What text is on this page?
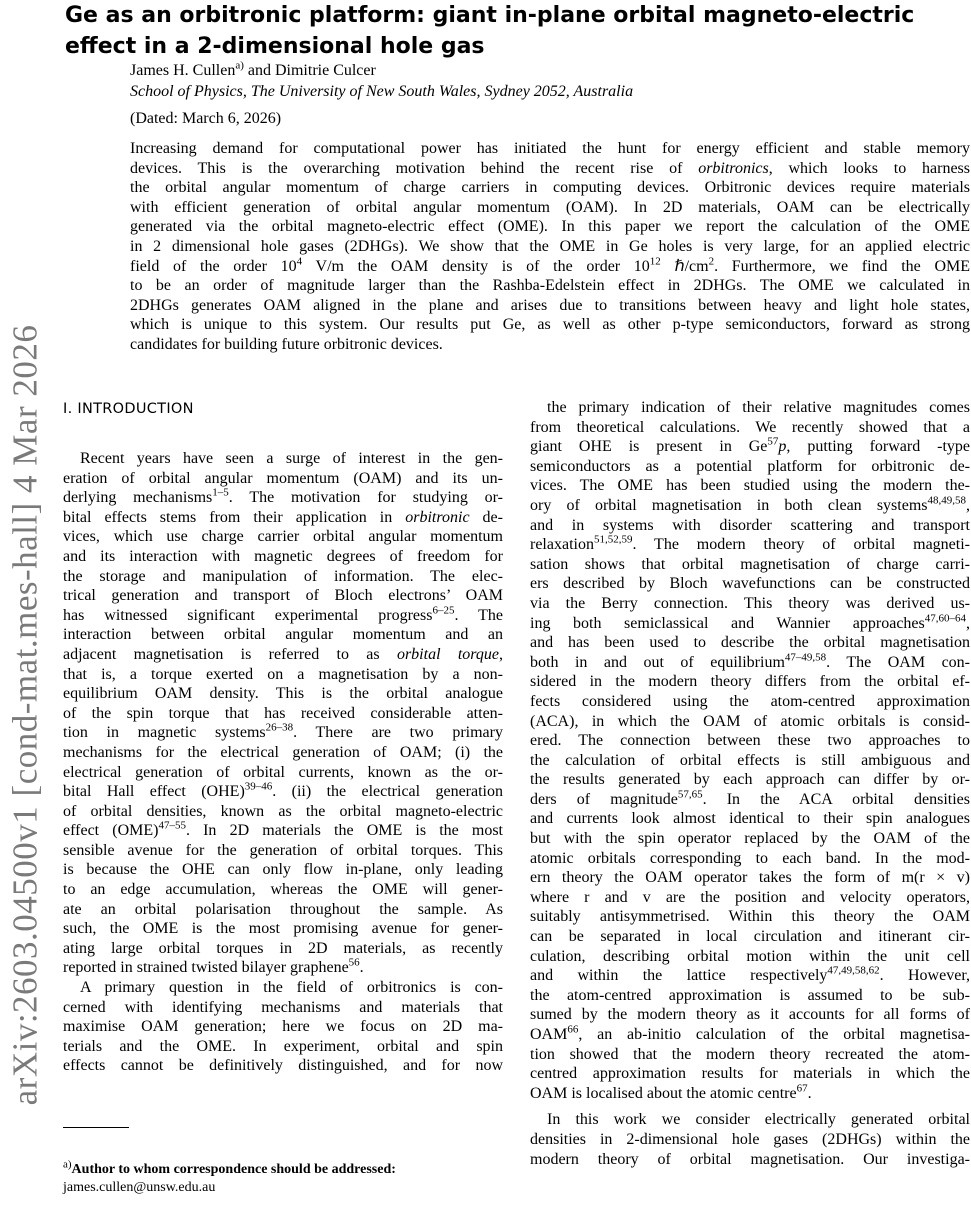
arXiv:2603.04500v1 [cond-mat.mes-hall] 4 Mar 2026
Ge as an orbitronic platform: giant in-plane orbital magneto-electric
effect in a 2-dimensional hole gas
James H. Cullen$^{a)}$ and Dimitrie Culcer
School of Physics, The University of New South Wales, Sydney 2052, Australia
(Dated: March 6, 2026)
Increasing demand for computational power has initiated the hunt for energy efficient and stable memory
devices. This is the overarching motivation behind the recent rise of orbitronics, which looks to harness
the orbital angular momentum of charge carriers in computing devices. Orbitronic devices require materials
with efficient generation of orbital angular momentum (OAM). In 2D materials, OAM can be electrically
generated via the orbital magneto-electric effect (OME). In this paper we report the calculation of the OME
in 2 dimensional hole gases (2DHGs). We show that the OME in Ge holes is very large, for an applied electric
field of the order $10^4$ V/m the OAM density is of the order $10^{12}$ $\hbar/cm^2$. Furthermore, we find the OME
to be an order of magnitude larger than the Rashba-Edelstein effect in 2DHGs. The OME we calculated in
2DHGs generates OAM aligned in the plane and arises due to transitions between heavy and light hole states,
which is unique to this system. Our results put Ge, as well as other p-type semiconductors, forward as strong
candidates for building future orbitronic devices.
I. INTRODUCTION
Recent years have seen a surge of interest in the gen-
eration of orbital angular momentum (OAM) and its un-
derlying mechanisms$^{1-5}$. The motivation for studying or-
bital effects stems from their application in orbitronic de-
vices, which use charge carrier orbital angular momentum
and its interaction with magnetic degrees of freedom for
the storage and manipulation of information. The elec-
trical generation and transport of Bloch electrons’ OAM
has witnessed significant experimental progress$^{6-25}$. The
interaction between orbital angular momentum and an
adjacent magnetisation is referred to as orbital torque,
that is, a torque exerted on a magnetisation by a non-
equilibrium OAM density. This is the orbital analogue
of the spin torque that has received considerable atten-
tion in magnetic systems$^{26-38}$. There are two primary
mechanisms for the electrical generation of OAM; (i) the
electrical generation of orbital currents, known as the or-
bital Hall effect (OHE)$^{39-46}$. (ii) the electrical generation
of orbital densities, known as the orbital magneto-electric
effect (OME)$^{47-55}$. In 2D materials the OME is the most
sensible avenue for the generation of orbital torques. This
is because the OHE can only flow in-plane, only leading
to an edge accumulation, whereas the OME will gener-
ate an orbital polarisation throughout the sample. As
such, the OME is the most promising avenue for gener-
ating large orbital torques in 2D materials, as recently
reported in strained twisted bilayer graphene$^{56}$.
A primary question in the field of orbitronics is con-
cerned with identifying mechanisms and materials that
maximise OAM generation; here we focus on 2D ma-
terials and the OME. In experiment, orbital and spin
effects cannot be definitively distinguished, and for now
the primary indication of their relative magnitudes comes
from theoretical calculations. We recently showed that a
giant OHE is present in Ge$^{57}$p, putting forward -type
semiconductors as a potential platform for orbitronic de-
vices. The OME has been studied using the modern the-
ory of orbital magnetisation in both clean systems$^{48,49,58}$,
and in systems with disorder scattering and transport
relaxation$^{51,52,59}$. The modern theory of orbital magneti-
sation shows that orbital magnetisation of charge carri-
ers described by Bloch wavefunctions can be constructed
via the Berry connection. This theory was derived us-
ing both semiclassical and Wannier approaches$^{47,60-64}$,
and has been used to describe the orbital magnetisation
both in and out of equilibrium$^{47-49,58}$. The OAM con-
sidered in the modern theory differs from the orbital ef-
fects considered using the atom-centred approximation
(ACA), in which the OAM of atomic orbitals is consid-
ered. The connection between these two approaches to
the calculation of orbital effects is still ambiguous and
the results generated by each approach can differ by or-
ders of magnitude$^{57,65}$. In the ACA orbital densities
and currents look almost identical to their spin analogues
but with the spin operator replaced by the OAM of the
atomic orbitals corresponding to each band. In the mod-
ern theory the OAM operator takes the form of m(r × v)
where r and v are the position and velocity operators,
suitably antisymmetrised. Within this theory the OAM
can be separated in local circulation and itinerant cir-
culation, describing orbital motion within the unit cell
and within the lattice respectively$^{47,49,58,62}$. However,
the atom-centred approximation is assumed to be sub-
sumed by the modern theory as it accounts for all forms of
OAM$^{66}$, an ab-initio calculation of the orbital magnetisa-
tion showed that the modern theory recreated the atom-
centred approximation results for materials in which the
OAM is localised about the atomic centre$^{67}$.
In this work we consider electrically generated orbital
densities in 2-dimensional hole gases (2DHGs) within the
modern theory of orbital magnetisation. Our investiga-
$^{a)}$Author to whom correspondence should be addressed:
james.cullen@unsw.edu.au
